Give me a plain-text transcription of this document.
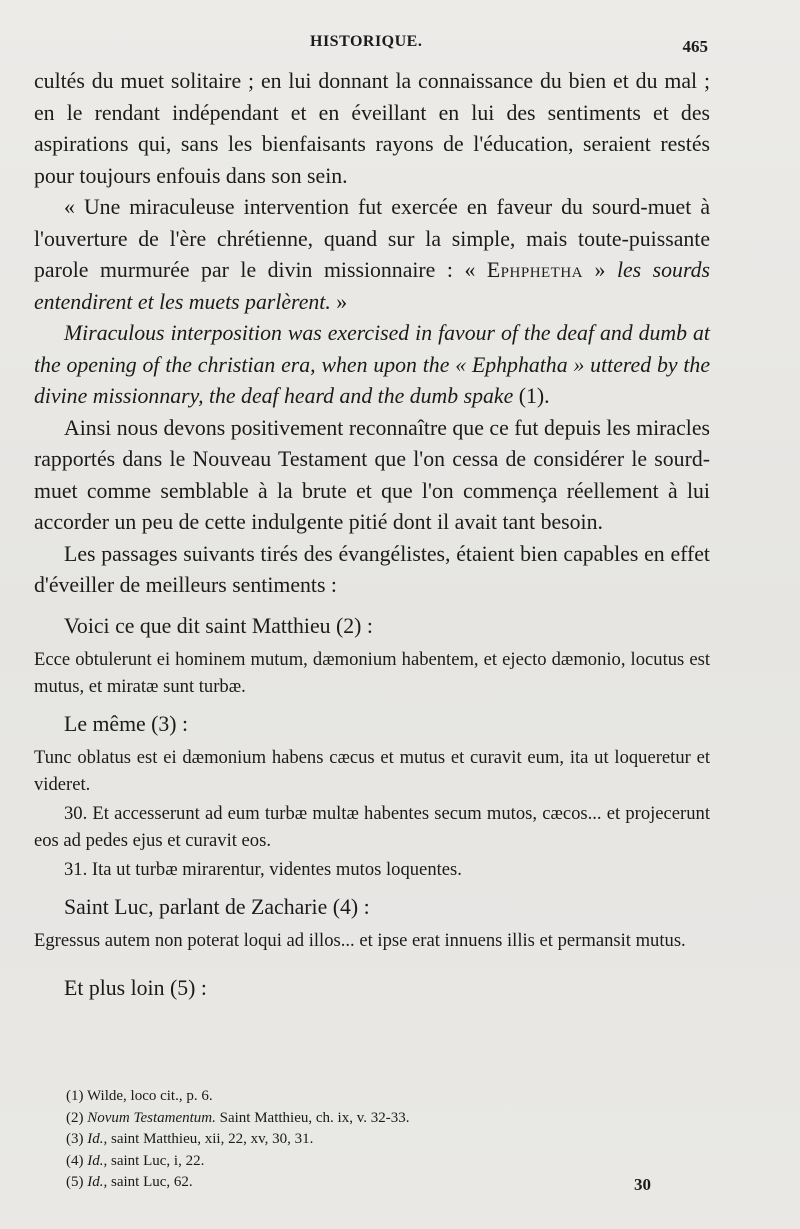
HISTORIQUE.	465

cultés du muet solitaire ; en lui donnant la connaissance du bien et du mal ; en le rendant indépendant et en éveillant en lui des sentiments et des aspirations qui, sans les bienfaisants rayons de l'éducation, seraient restés pour toujours enfouis dans son sein.

« Une miraculeuse intervention fut exercée en faveur du sourd-muet à l'ouverture de l'ère chrétienne, quand sur la simple, mais toute-puissante parole murmurée par le divin missionnaire : « Ephphetha » les sourds entendirent et les muets parlèrent. »

Miraculous interposition was exercised in favour of the deaf and dumb at the opening of the christian era, when upon the « Ephphatha » uttered by the divine missionnary, the deaf heard and the dumb spake (1).

Ainsi nous devons positivement reconnaître que ce fut depuis les miracles rapportés dans le Nouveau Testament que l'on cessa de considérer le sourd-muet comme semblable à la brute et que l'on commença réellement à lui accorder un peu de cette indulgente pitié dont il avait tant besoin.

Les passages suivants tirés des évangélistes, étaient bien capables en effet d'éveiller de meilleurs sentiments :

Voici ce que dit saint Matthieu (2) :

Ecce obtulerunt ei hominem mutum, dæmonium habentem, et ejecto dæmonio, locutus est mutus, et miratæ sunt turbæ.

Le même (3) :

Tunc oblatus est ei dæmonium habens cæcus et mutus et curavit eum, ita ut loqueretur et videret.

30. Et accesserunt ad eum turbæ multæ habentes secum mutos, cæcos... et projecerunt eos ad pedes ejus et curavit eos.

31. Ita ut turbæ mirarentur, videntes mutos loquentes.

Saint Luc, parlant de Zacharie (4) :

Egressus autem non poterat loqui ad illos... et ipse erat innuens illis et permansit mutus.

Et plus loin (5) :

(1) Wilde, loco cit., p. 6.

(2) Novum Testamentum. Saint Matthieu, ch. ix, v. 32-33.

(3) Id., saint Matthieu, xii, 22, xv, 30, 31.

(4) Id., saint Luc, i, 22.

(5) Id., saint Luc, 62.	30
